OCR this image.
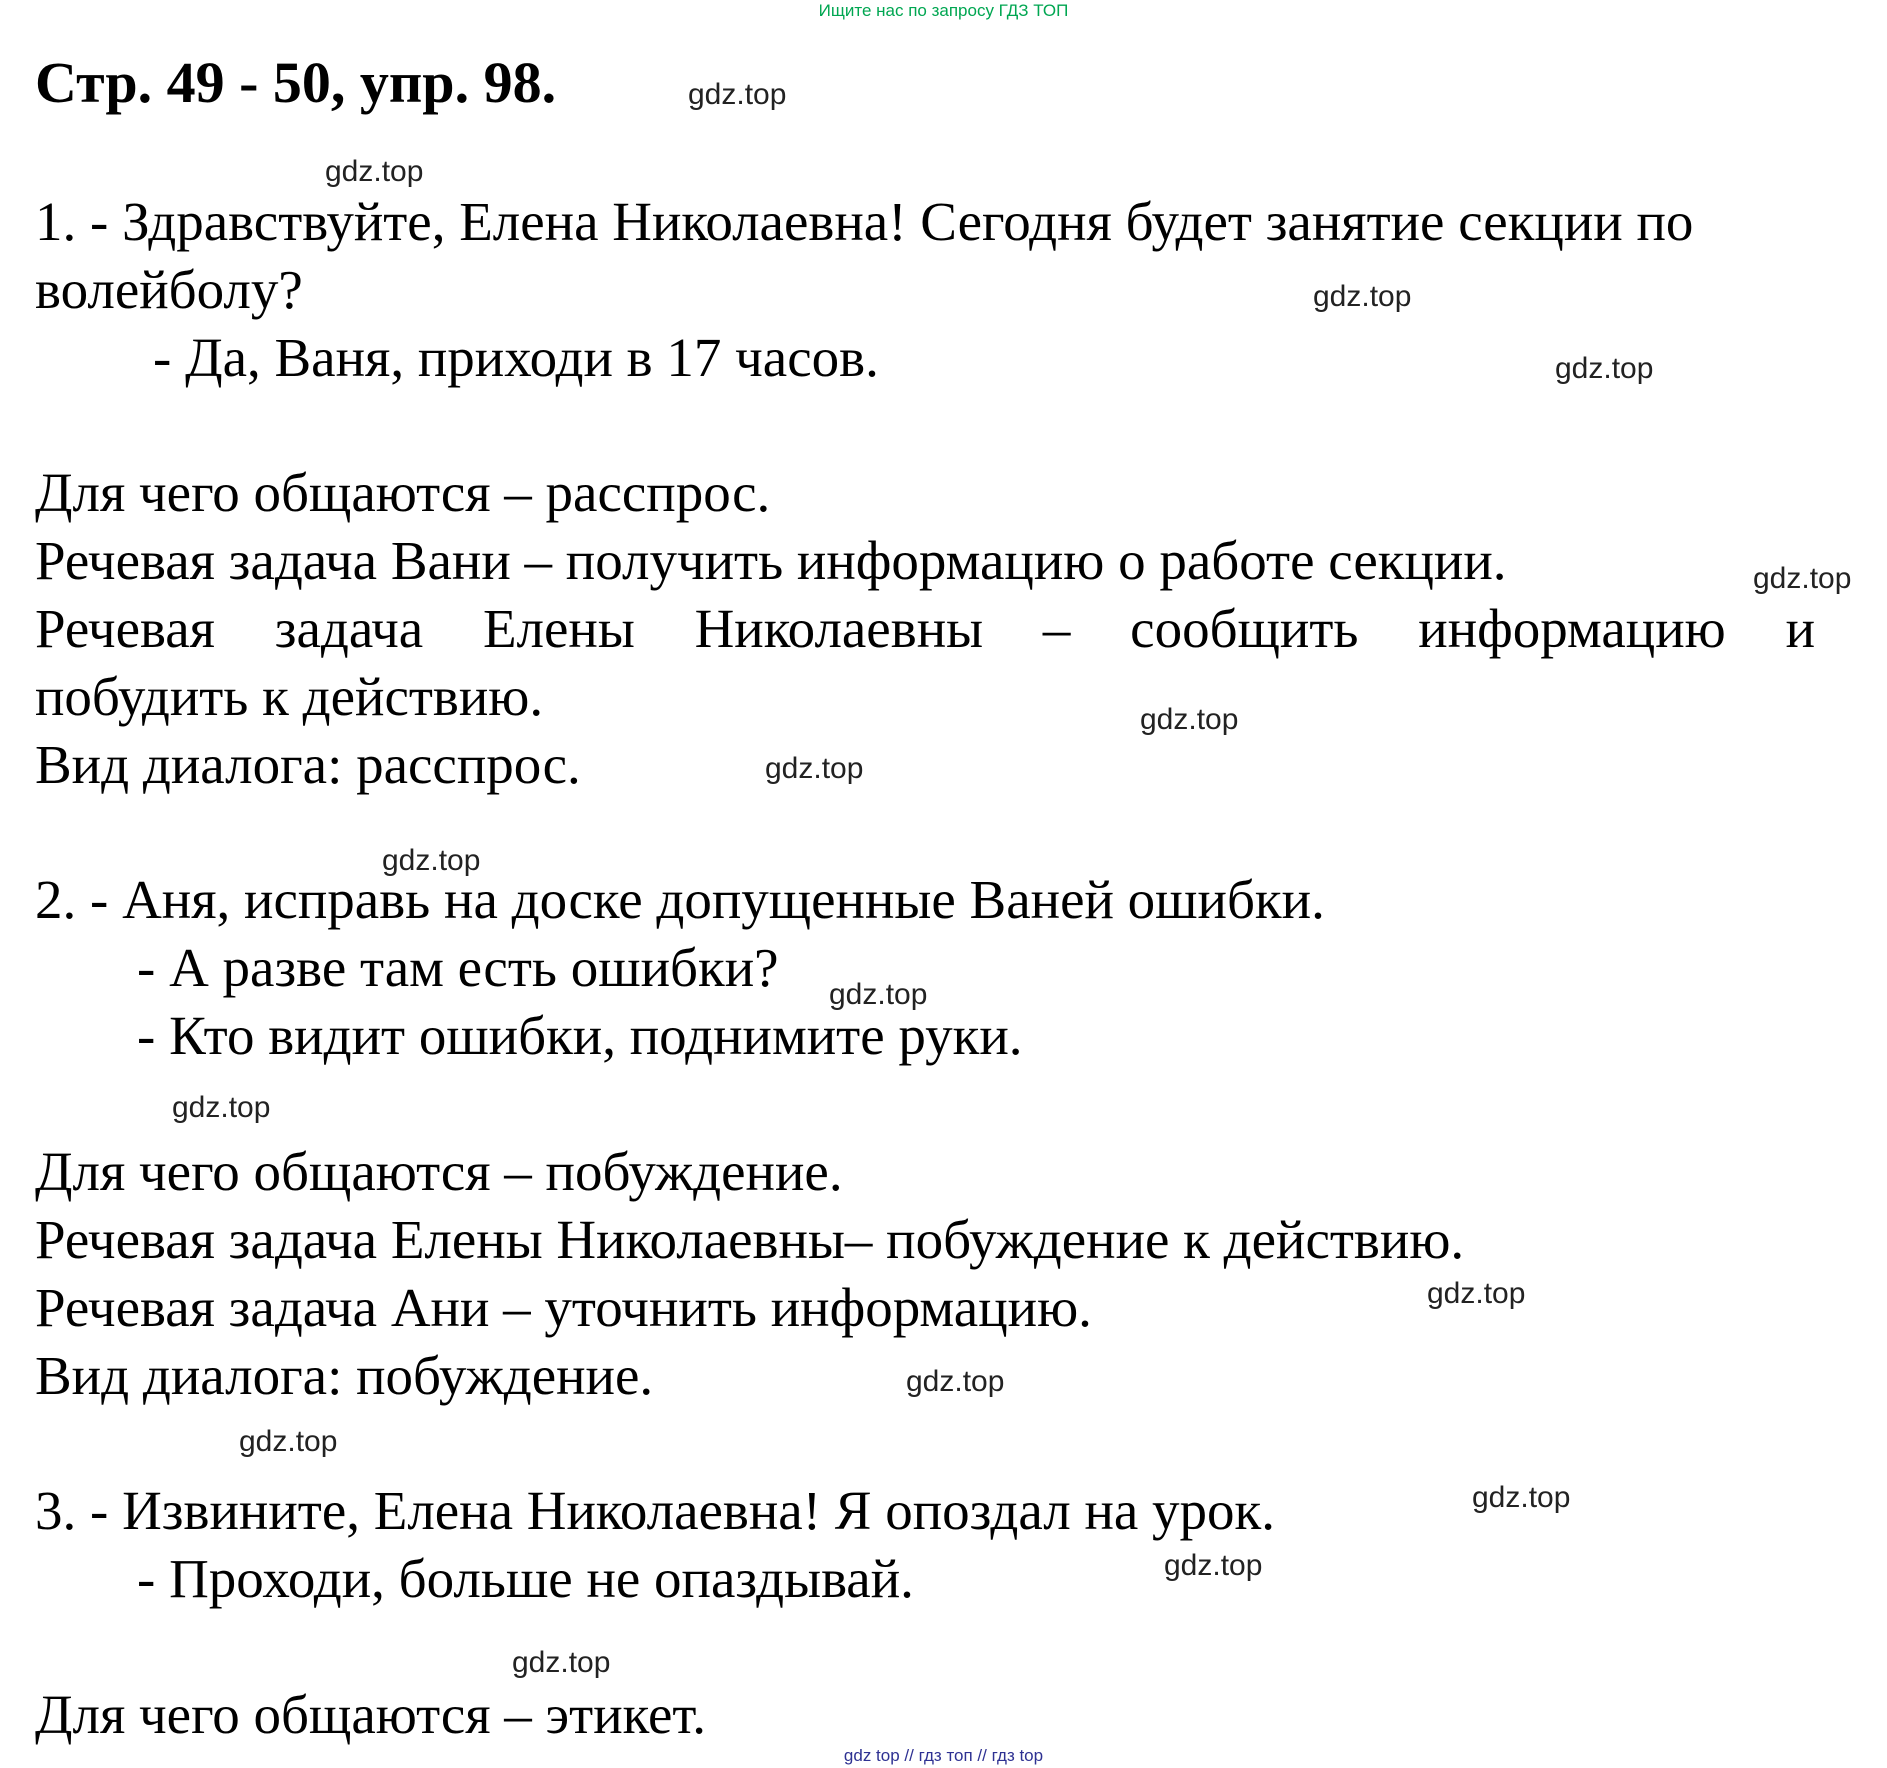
Ищите нас по запросу ГДЗ ТОП
Стр. 49 - 50, упр. 98.
1. - Здравствуйте, Елена Николаевна! Сегодня будет занятие секции по
волейболу?
- Да, Ваня, приходи в 17 часов.
Для чего общаются – расспрос.
Речевая задача Вани – получить информацию о работе секции.
Речевая задача Елены Николаевны – сообщить информацию и
побудить к действию.
Вид диалога: расспрос.
2. - Аня, исправь на доске допущенные Ваней ошибки.
- А разве там есть ошибки?
- Кто видит ошибки, поднимите руки.
Для чего общаются – побуждение.
Речевая задача Елены Николаевны– побуждение к действию.
Речевая задача Ани – уточнить информацию.
Вид диалога: побуждение.
3. - Извините, Елена Николаевна! Я опоздал на урок.
- Проходи, больше не опаздывай.
Для чего общаются – этикет.
gdz.top
gdz.top
gdz.top
gdz.top
gdz.top
gdz.top
gdz.top
gdz.top
gdz.top
gdz.top
gdz.top
gdz.top
gdz.top
gdz.top
gdz.top
gdz.top
gdz top // гдз топ // гдз top
